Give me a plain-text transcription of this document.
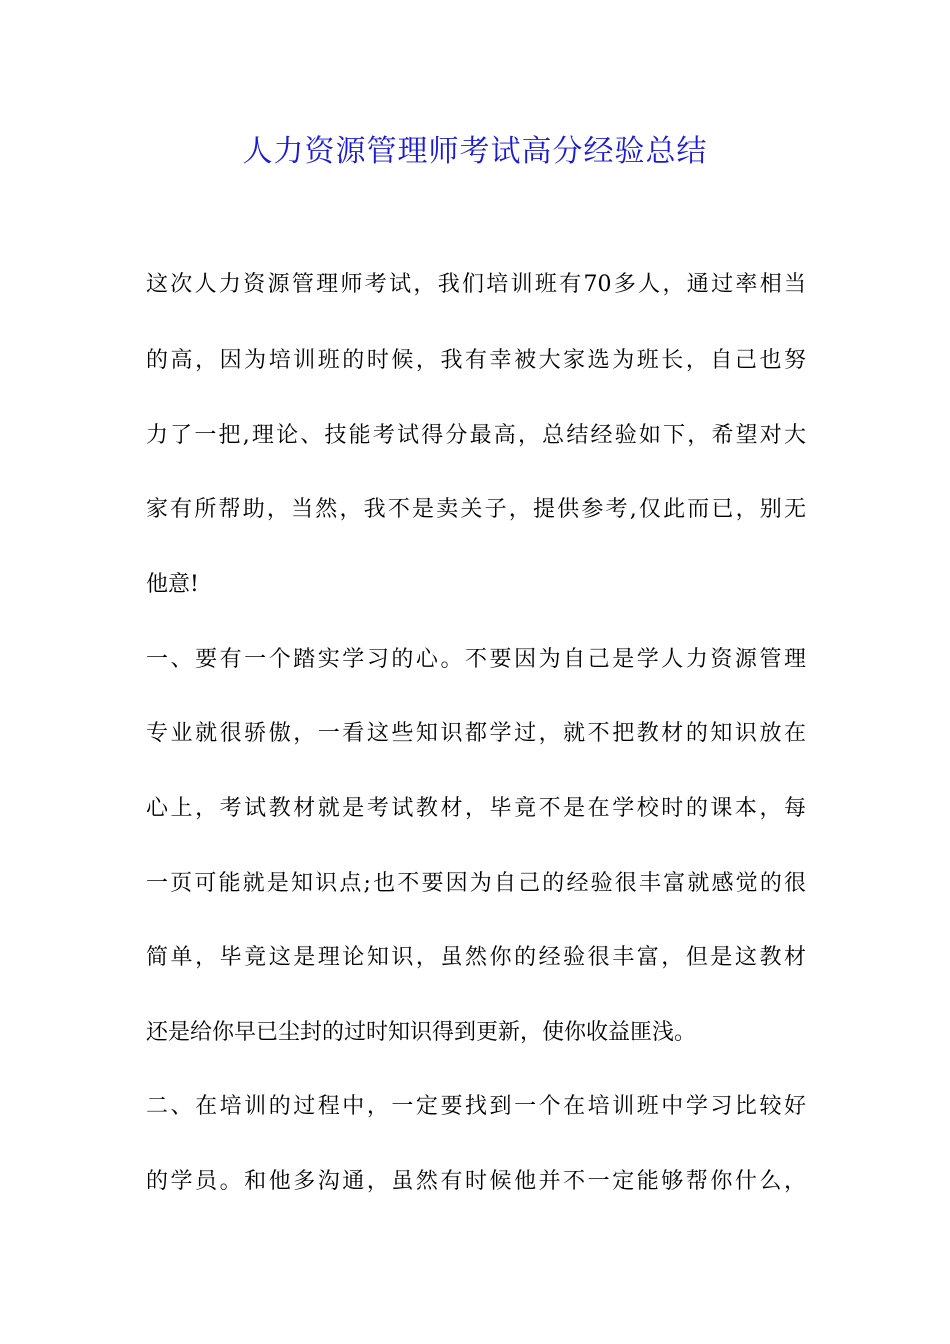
人力资源管理师考试高分经验总结
这次人力资源管理师考试，我们培训班有70多人，通过率相当
的高，因为培训班的时候，我有幸被大家选为班长，自己也努
力了一把,理论、技能考试得分最高，总结经验如下，希望对大
家有所帮助，当然，我不是卖关子，提供参考,仅此而已，别无
他意!
一、要有一个踏实学习的心。不要因为自己是学人力资源管理
专业就很骄傲，一看这些知识都学过，就不把教材的知识放在
心上，考试教材就是考试教材，毕竟不是在学校时的课本，每
一页可能就是知识点;也不要因为自己的经验很丰富就感觉的很
简单，毕竟这是理论知识，虽然你的经验很丰富，但是这教材
还是给你早已尘封的过时知识得到更新，使你收益匪浅。
二、在培训的过程中，一定要找到一个在培训班中学习比较好
的学员。和他多沟通，虽然有时候他并不一定能够帮你什么，
